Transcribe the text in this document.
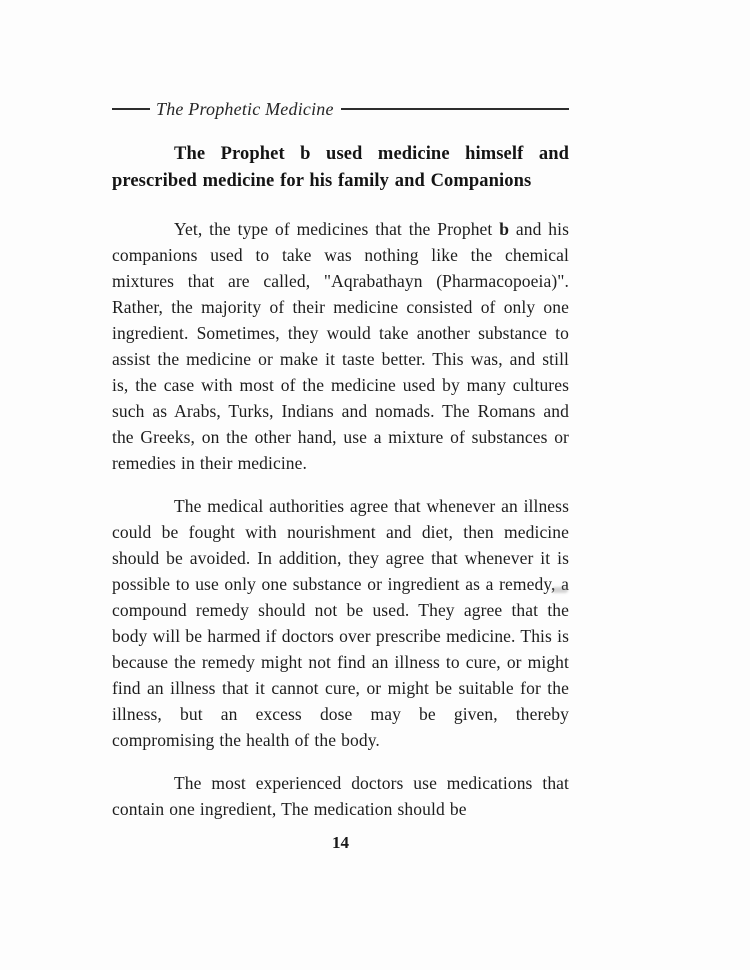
The Prophetic Medicine
The Prophet b used medicine himself and prescribed medicine for his family and Companions

Yet, the type of medicines that the Prophet b and his companions used to take was nothing like the chemical mixtures that are called, "Aqrabathayn (Pharmacopoeia)". Rather, the majority of their medicine consisted of only one ingredient. Sometimes, they would take another substance to assist the medicine or make it taste better. This was, and still is, the case with most of the medicine used by many cultures such as Arabs, Turks, Indians and nomads. The Romans and the Greeks, on the other hand, use a mixture of substances or remedies in their medicine.

The medical authorities agree that whenever an illness could be fought with nourishment and diet, then medicine should be avoided. In addition, they agree that whenever it is possible to use only one substance or ingredient as a remedy, a compound remedy should not be used. They agree that the body will be harmed if doctors over prescribe medicine. This is because the remedy might not find an illness to cure, or might find an illness that it cannot cure, or might be suitable for the illness, but an excess dose may be given, thereby compromising the health of the body.

The most experienced doctors use medications that contain one ingredient, The medication should be

14
